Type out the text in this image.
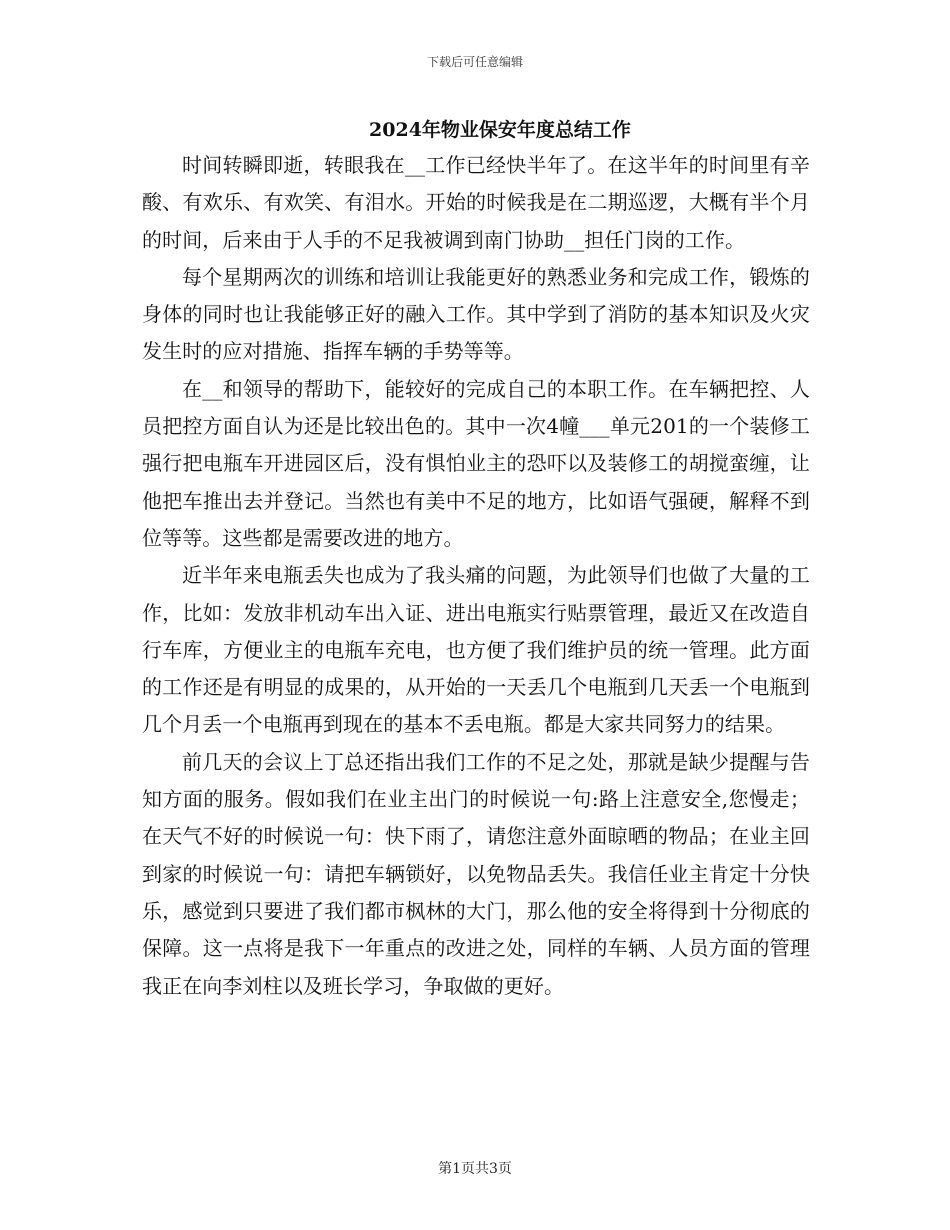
下载后可任意编辑
2024年物业保安年度总结工作

时间转瞬即逝，转眼我在__工作已经快半年了。在这半年的时间里有辛酸、有欢乐、有欢笑、有泪水。开始的时候我是在二期巡逻，大概有半个月的时间，后来由于人手的不足我被调到南门协助__担任门岗的工作。

每个星期两次的训练和培训让我能更好的熟悉业务和完成工作，锻炼的身体的同时也让我能够正好的融入工作。其中学到了消防的基本知识及火灾发生时的应对措施、指挥车辆的手势等等。

在__和领导的帮助下，能较好的完成自己的本职工作。在车辆把控、人员把控方面自认为还是比较出色的。其中一次4幢___单元201的一个装修工强行把电瓶车开进园区后，没有惧怕业主的恐吓以及装修工的胡搅蛮缠，让他把车推出去并登记。当然也有美中不足的地方，比如语气强硬，解释不到位等等。这些都是需要改进的地方。

近半年来电瓶丢失也成为了我头痛的问题，为此领导们也做了大量的工作，比如：发放非机动车出入证、进出电瓶实行贴票管理，最近又在改造自行车库，方便业主的电瓶车充电，也方便了我们维护员的统一管理。此方面的工作还是有明显的成果的，从开始的一天丢几个电瓶到几天丢一个电瓶到几个月丢一个电瓶再到现在的基本不丢电瓶。都是大家共同努力的结果。

前几天的会议上丁总还指出我们工作的不足之处，那就是缺少提醒与告知方面的服务。假如我们在业主出门的时候说一句:路上注意安全,您慢走；在天气不好的时候说一句：快下雨了，请您注意外面晾晒的物品；在业主回到家的时候说一句：请把车辆锁好，以免物品丢失。我信任业主肯定十分快乐，感觉到只要进了我们都市枫林的大门，那么他的安全将得到十分彻底的保障。这一点将是我下一年重点的改进之处，同样的车辆、人员方面的管理我正在向李刘柱以及班长学习，争取做的更好。

第1页共3页
